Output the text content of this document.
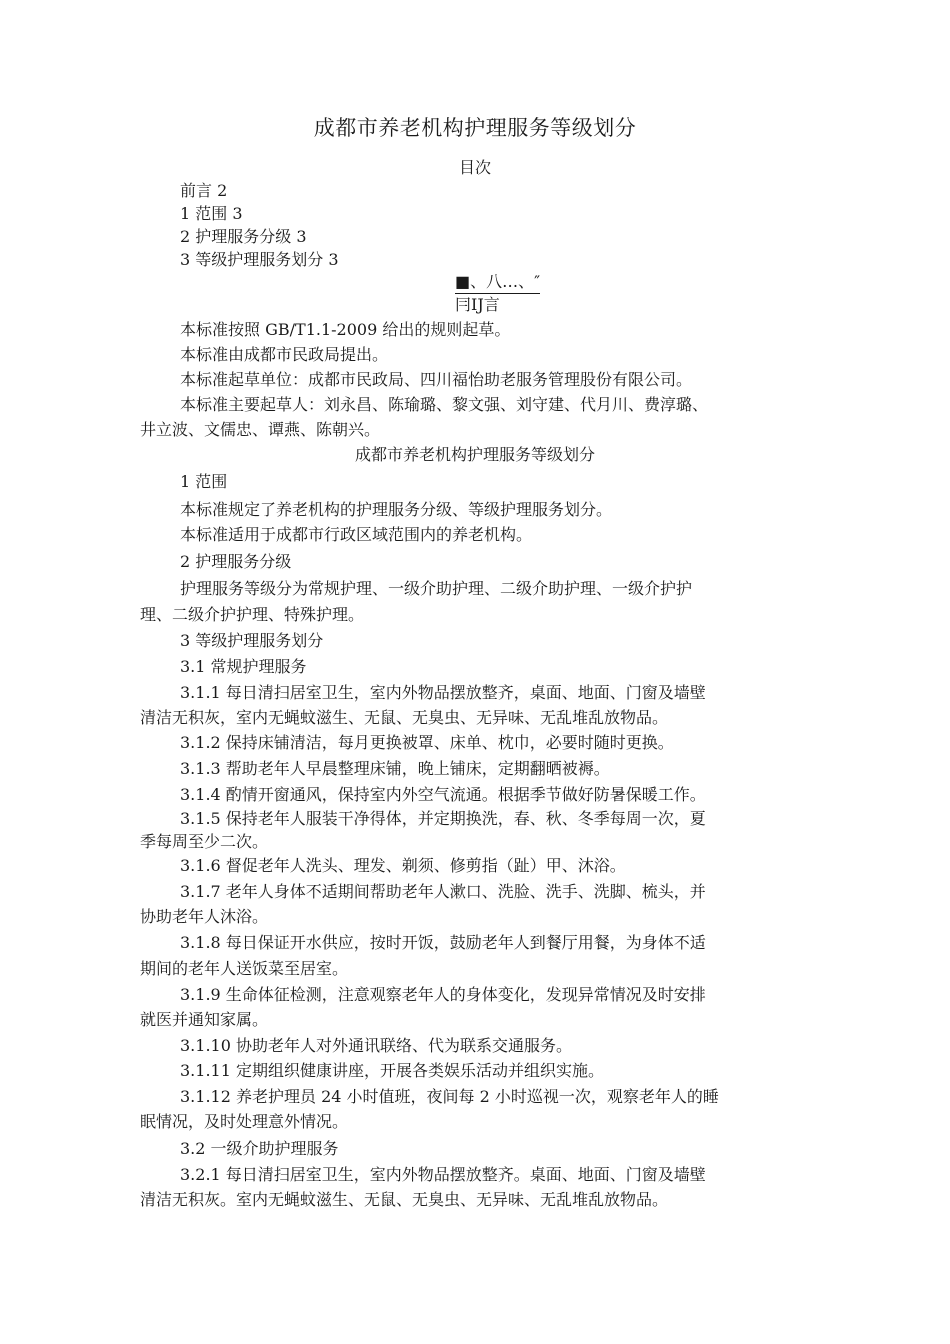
成都市养老机构护理服务等级划分
目次
前言 2
1 范围 3
2 护理服务分级 3
3 等级护理服务划分 3
■、八…、″
冃IJ言
本标准按照 GB/T1.1-2009 给出的规则起草。
本标准由成都市民政局提出。
本标准起草单位：成都市民政局、四川福怡助老服务管理股份有限公司。
本标准主要起草人：刘永昌、陈瑜璐、黎文强、刘守建、代月川、费淳璐、
井立波、文儒忠、谭燕、陈朝兴。
成都市养老机构护理服务等级划分
1 范围
本标准规定了养老机构的护理服务分级、等级护理服务划分。
本标准适用于成都市行政区域范围内的养老机构。
2 护理服务分级
护理服务等级分为常规护理、一级介助护理、二级介助护理、一级介护护
理、二级介护护理、特殊护理。
3 等级护理服务划分
3.1 常规护理服务
3.1.1 每日清扫居室卫生，室内外物品摆放整齐，桌面、地面、门窗及墙壁
清洁无积灰，室内无蝇蚊滋生、无鼠、无臭虫、无异味、无乱堆乱放物品。
3.1.2 保持床铺清洁，每月更换被罩、床单、枕巾，必要时随时更换。
3.1.3 帮助老年人早晨整理床铺，晚上铺床，定期翻晒被褥。
3.1.4 酌情开窗通风，保持室内外空气流通。根据季节做好防暑保暖工作。
3.1.5 保持老年人服装干净得体，并定期换洗，春、秋、冬季每周一次，夏
季每周至少二次。
3.1.6 督促老年人洗头、理发、剃须、修剪指（趾）甲、沐浴。
3.1.7 老年人身体不适期间帮助老年人漱口、洗脸、洗手、洗脚、梳头，并
协助老年人沐浴。
3.1.8 每日保证开水供应，按时开饭，鼓励老年人到餐厅用餐，为身体不适
期间的老年人送饭菜至居室。
3.1.9 生命体征检测，注意观察老年人的身体变化，发现异常情况及时安排
就医并通知家属。
3.1.10 协助老年人对外通讯联络、代为联系交通服务。
3.1.11 定期组织健康讲座，开展各类娱乐活动并组织实施。
3.1.12 养老护理员 24 小时值班，夜间每 2 小时巡视一次，观察老年人的睡
眠情况，及时处理意外情况。
3.2 一级介助护理服务
3.2.1 每日清扫居室卫生，室内外物品摆放整齐。桌面、地面、门窗及墙壁
清洁无积灰。室内无蝇蚊滋生、无鼠、无臭虫、无异味、无乱堆乱放物品。
